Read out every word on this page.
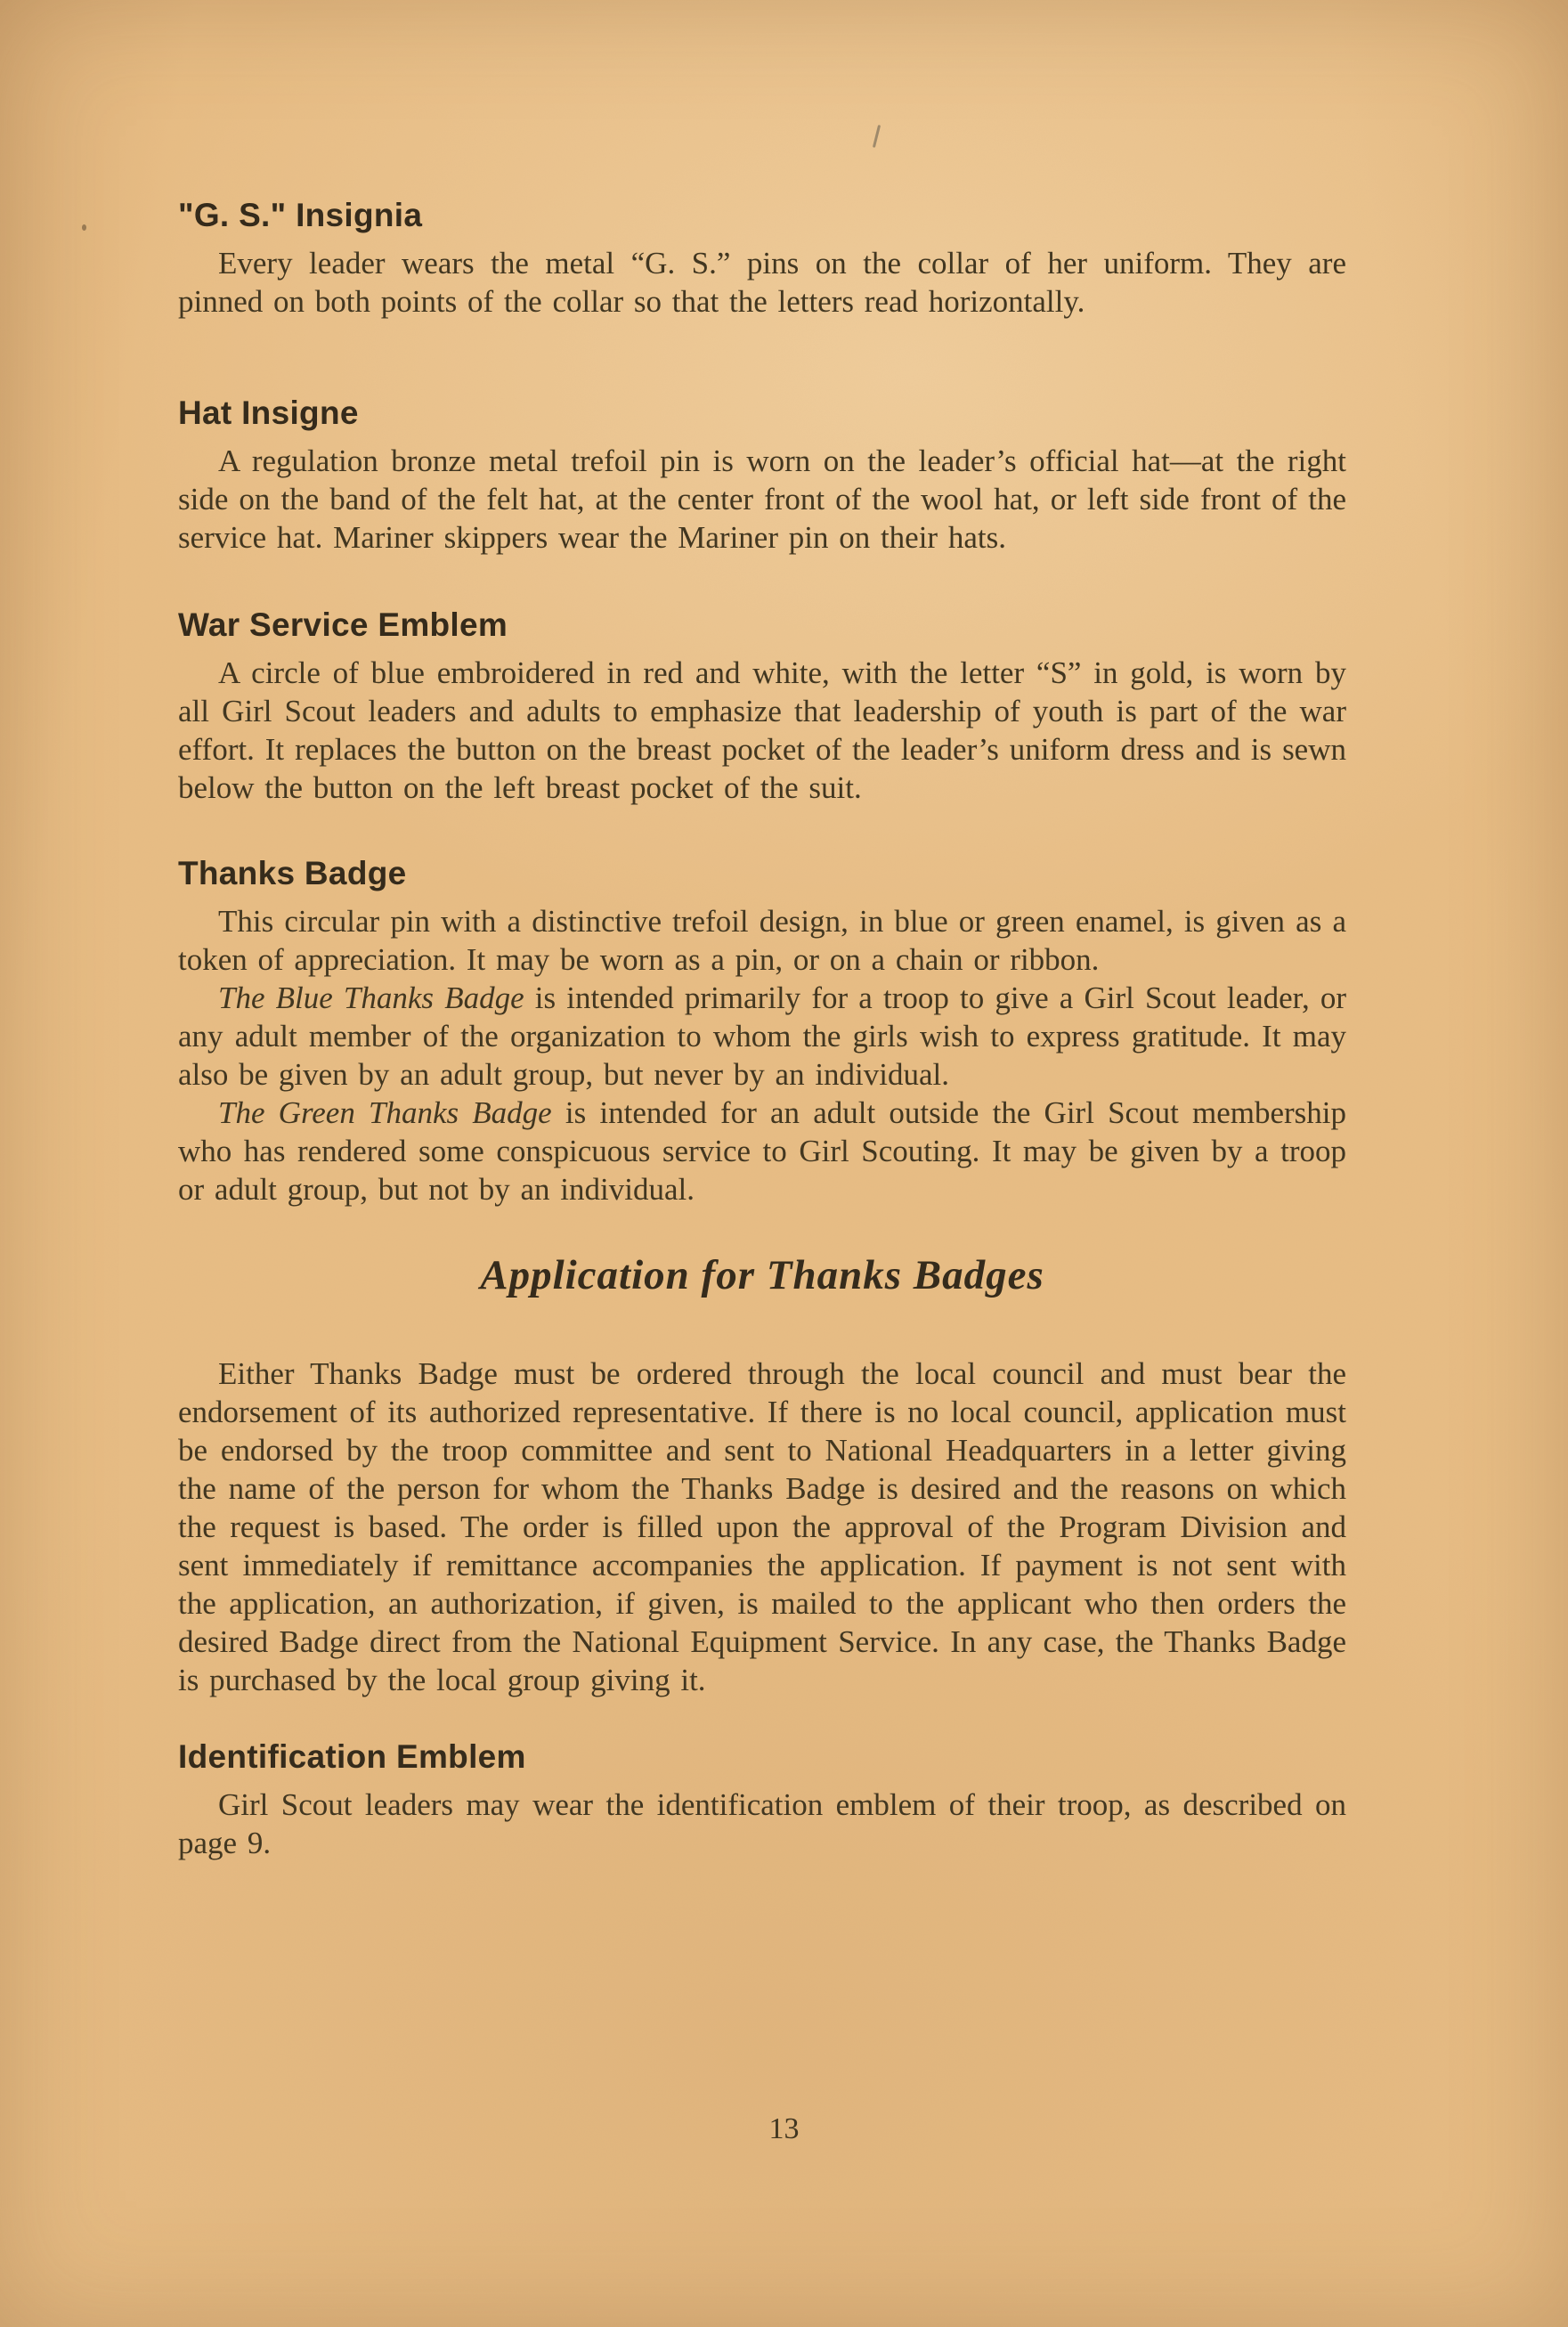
"G. S." Insignia

Every leader wears the metal “G. S.” pins on the collar of her uniform. They are pinned on both points of the collar so that the letters read horizontally.

Hat Insigne

A regulation bronze metal trefoil pin is worn on the leader’s official hat—at the right side on the band of the felt hat, at the center front of the wool hat, or left side front of the service hat. Mariner skippers wear the Mariner pin on their hats.

War Service Emblem

A circle of blue embroidered in red and white, with the letter “S” in gold, is worn by all Girl Scout leaders and adults to emphasize that leadership of youth is part of the war effort. It replaces the button on the breast pocket of the leader’s uniform dress and is sewn below the button on the left breast pocket of the suit.

Thanks Badge

This circular pin with a distinctive trefoil design, in blue or green enamel, is given as a token of appreciation. It may be worn as a pin, or on a chain or ribbon.

The Blue Thanks Badge is intended primarily for a troop to give a Girl Scout leader, or any adult member of the organization to whom the girls wish to express gratitude. It may also be given by an adult group, but never by an individual.

The Green Thanks Badge is intended for an adult outside the Girl Scout membership who has rendered some conspicuous service to Girl Scouting. It may be given by a troop or adult group, but not by an individual.

Application for Thanks Badges

Either Thanks Badge must be ordered through the local council and must bear the endorsement of its authorized representative. If there is no local council, application must be endorsed by the troop committee and sent to National Headquarters in a letter giving the name of the person for whom the Thanks Badge is desired and the reasons on which the request is based. The order is filled upon the approval of the Program Division and sent immediately if remittance accompanies the application. If payment is not sent with the application, an authorization, if given, is mailed to the applicant who then orders the desired Badge direct from the National Equipment Service. In any case, the Thanks Badge is purchased by the local group giving it.

Identification Emblem

Girl Scout leaders may wear the identification emblem of their troop, as described on page 9.

13
